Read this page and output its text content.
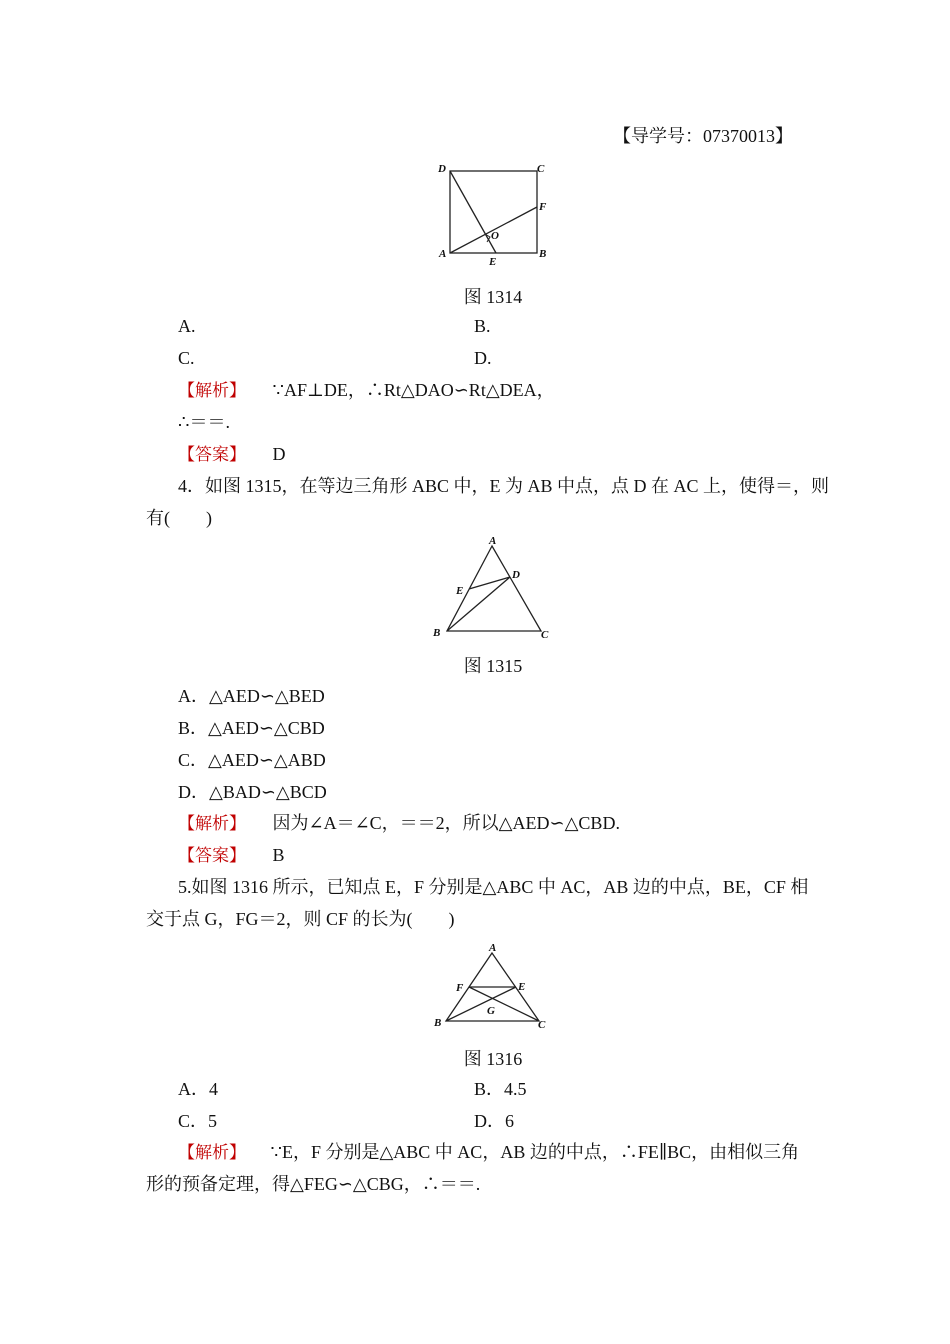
【导学号：07370013】
D	C
F
O
A
E
B
图 1314
A.	B.
C.	D.
【解析】 ∵AF⊥DE，∴Rt△DAO∽Rt△DEA，
∴＝＝.
【答案】 D
4．如图 1315，在等边三角形 ABC 中，E 为 AB 中点，点 D 在 AC 上，使得＝，则
有(　　)
A
E
D
B	C
图 1315
A．△AED∽△BED
B．△AED∽△CBD
C．△AED∽△ABD
D．△BAD∽△BCD
【解析】 因为∠A＝∠C，＝＝2，所以△AED∽△CBD.
【答案】 B
5.如图 1316 所示，已知点 E，F 分别是△ABC 中 AC，AB 边的中点，BE，CF 相
交于点 G，FG＝2，则 CF 的长为(　　)
A
F	E
G
B	C
图 1316
A．4	B．4.5
C．5	D．6
【解析】 ∵E，F 分别是△ABC 中 AC，AB 边的中点，∴FE∥BC，由相似三角
形的预备定理，得△FEG∽△CBG，∴＝＝.
